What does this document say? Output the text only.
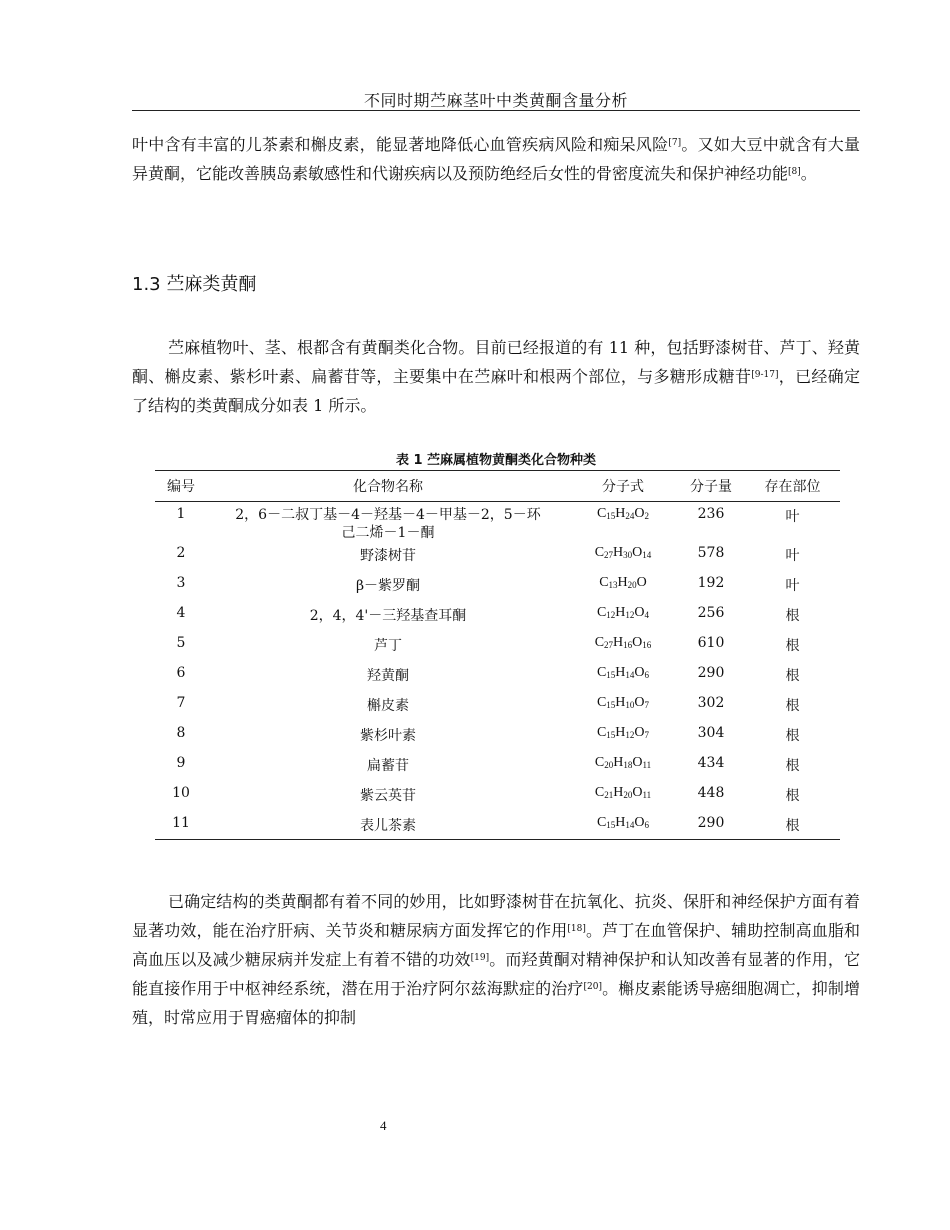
不同时期苎麻茎叶中类黄酮含量分析
叶中含有丰富的儿茶素和槲皮素，能显著地降低心血管疾病风险和痴呆风险[7]。又如大豆中就含有大量异黄酮，它能改善胰岛素敏感性和代谢疾病以及预防绝经后女性的骨密度流失和保护神经功能[8]。
1.3 苎麻类黄酮
苎麻植物叶、茎、根都含有黄酮类化合物。目前已经报道的有 11 种，包括野漆树苷、芦丁、羟黄酮、槲皮素、紫杉叶素、扁蓄苷等，主要集中在苎麻叶和根两个部位，与多糖形成糖苷[9-17]，已经确定了结构的类黄酮成分如表 1 所示。
表 1 苎麻属植物黄酮类化合物种类
编号	化合物名称	分子式	分子量	存在部位
1	2，6－二叔丁基－4－羟基－4－甲基－2，5－环
己二烯－1－酮	$C_{15}H_{24}O_2$	236	叶
2	野漆树苷	$C_{27}H_{30}O_{14}$	578	叶
3	β－紫罗酮	$C_{13}H_{20}O$	192	叶
4	2，4，4'－三羟基查耳酮	$C_{12}H_{12}O_4$	256	根
5	芦丁	$C_{27}H_{16}O_{16}$	610	根
6	羟黄酮	$C_{15}H_{14}O_6$	290	根
7	槲皮素	$C_{15}H_{10}O_7$	302	根
8	紫杉叶素	$C_{15}H_{12}O_7$	304	根
9	扁蓄苷	$C_{20}H_{18}O_{11}$	434	根
10	紫云英苷	$C_{21}H_{20}O_{11}$	448	根
11	表儿茶素	$C_{15}H_{14}O_6$	290	根
已确定结构的类黄酮都有着不同的妙用，比如野漆树苷在抗氧化、抗炎、保肝和神经保护方面有着显著功效，能在治疗肝病、关节炎和糖尿病方面发挥它的作用[18]。芦丁在血管保护、辅助控制高血脂和高血压以及减少糖尿病并发症上有着不错的功效[19]。而羟黄酮对精神保护和认知改善有显著的作用，它能直接作用于中枢神经系统，潜在用于治疗阿尔兹海默症的治疗[20]。槲皮素能诱导癌细胞凋亡，抑制增殖，时常应用于胃癌瘤体的抑制
4
